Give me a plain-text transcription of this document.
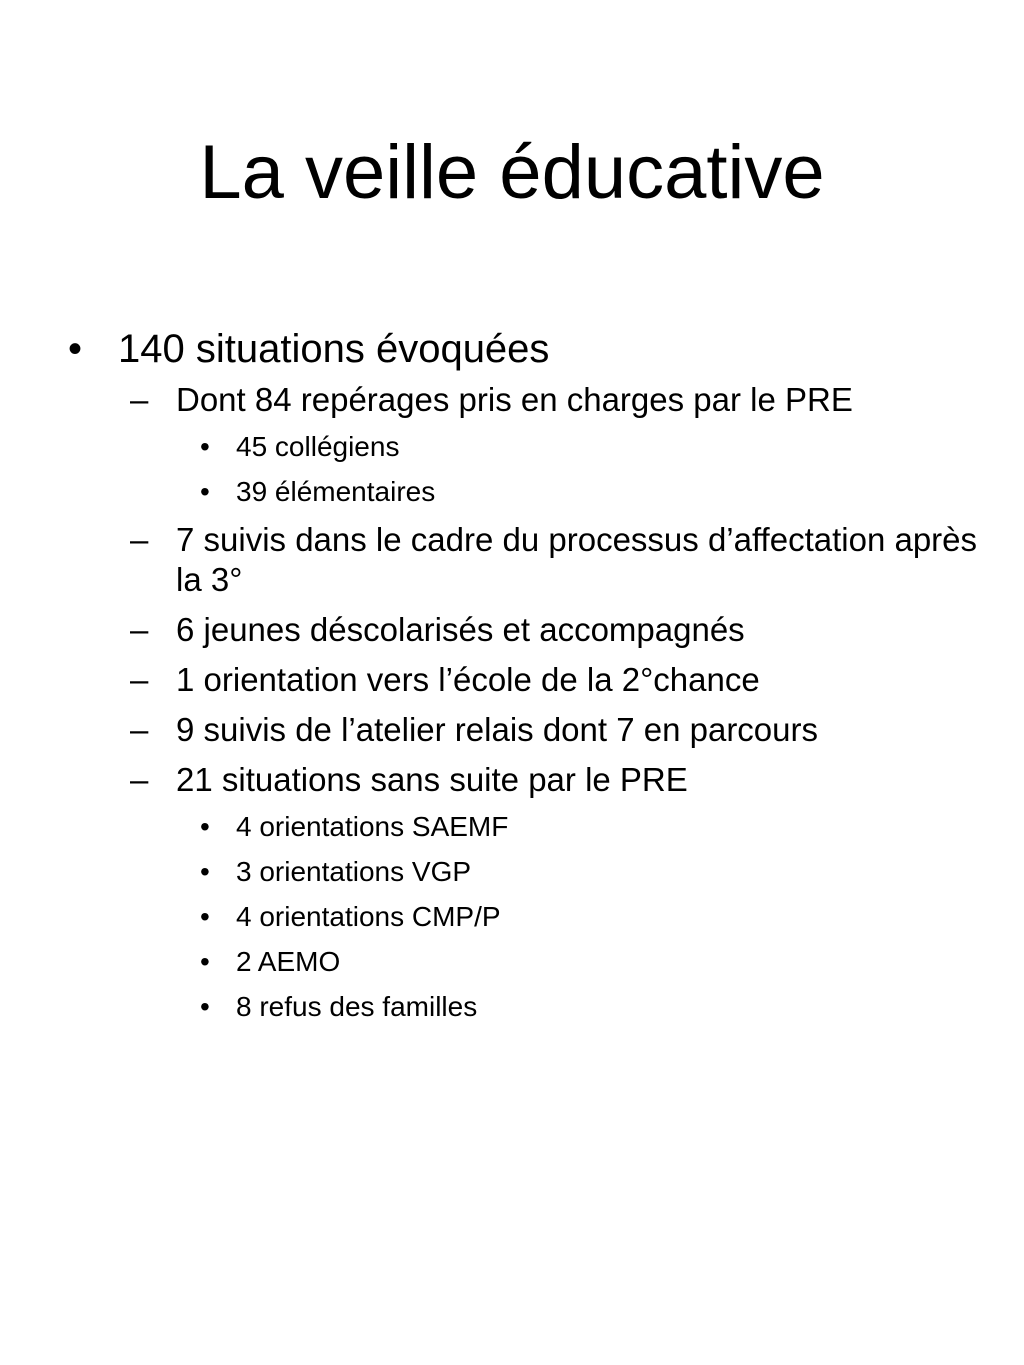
La veille éducative
• 140 situations évoquées
– Dont 84 repérages pris en charges par le PRE
• 45 collégiens
• 39 élémentaires
– 7 suivis dans le cadre du processus d’affectation après la 3°
– 6 jeunes déscolarisés et accompagnés
– 1 orientation vers l’école de la 2°chance
– 9 suivis de l’atelier relais dont 7 en parcours
– 21 situations sans suite par le PRE
• 4 orientations SAEMF
• 3 orientations VGP
• 4 orientations CMP/P
• 2 AEMO
• 8 refus des familles
